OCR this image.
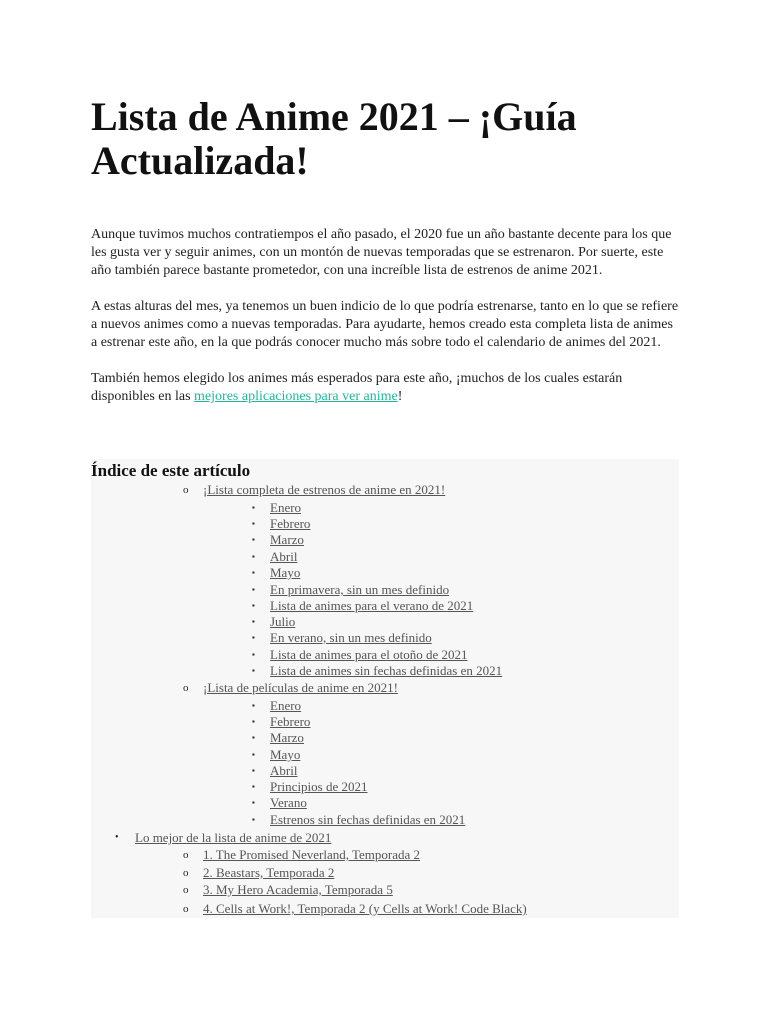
Lista de Anime 2021 – ¡Guía Actualizada!

Aunque tuvimos muchos contratiempos el año pasado, el 2020 fue un año bastante decente para los que les gusta ver y seguir animes, con un montón de nuevas temporadas que se estrenaron. Por suerte, este año también parece bastante prometedor, con una increíble lista de estrenos de anime 2021.

A estas alturas del mes, ya tenemos un buen indicio de lo que podría estrenarse, tanto en lo que se refiere a nuevos animes como a nuevas temporadas. Para ayudarte, hemos creado esta completa lista de animes a estrenar este año, en la que podrás conocer mucho más sobre todo el calendario de animes del 2021.

También hemos elegido los animes más esperados para este año, ¡muchos de los cuales estarán disponibles en las mejores aplicaciones para ver anime!

Índice de este artículo
o ¡Lista completa de estrenos de anime en 2021!
▪ Enero
▪ Febrero
▪ Marzo
▪ Abril
▪ Mayo
▪ En primavera, sin un mes definido
▪ Lista de animes para el verano de 2021
▪ Julio
▪ En verano, sin un mes definido
▪ Lista de animes para el otoño de 2021
▪ Lista de animes sin fechas definidas en 2021
o ¡Lista de películas de anime en 2021!
▪ Enero
▪ Febrero
▪ Marzo
▪ Mayo
▪ Abril
▪ Principios de 2021
▪ Verano
▪ Estrenos sin fechas definidas en 2021
• Lo mejor de la lista de anime de 2021
o 1. The Promised Neverland, Temporada 2
o 2. Beastars, Temporada 2
o 3. My Hero Academia, Temporada 5
o 4. Cells at Work!, Temporada 2 (y Cells at Work! Code Black)
